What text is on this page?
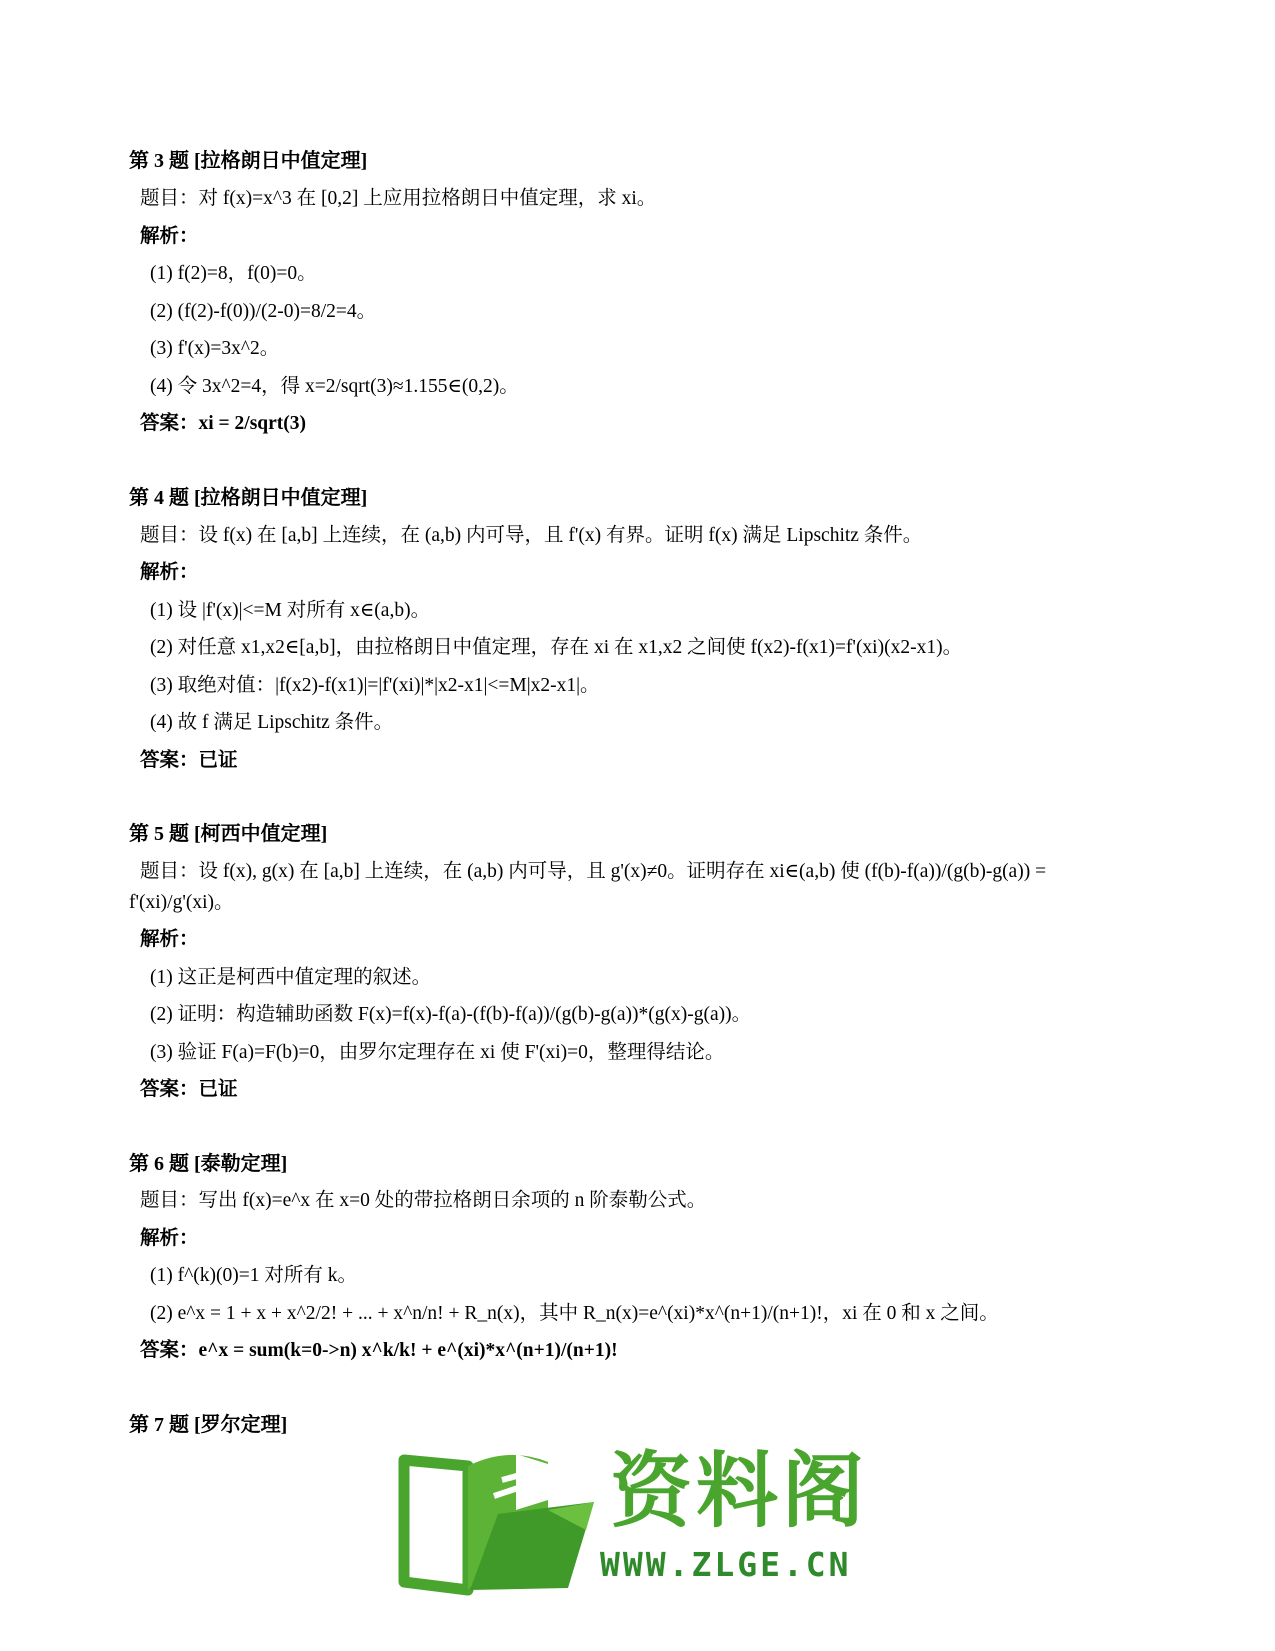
第 3 题 [拉格朗日中值定理]
题目：对 f(x)=x^3 在 [0,2] 上应用拉格朗日中值定理，求 xi。
解析：
(1) f(2)=8，f(0)=0。
(2) (f(2)-f(0))/(2-0)=8/2=4。
(3) f'(x)=3x^2。
(4) 令 3x^2=4，得 x=2/sqrt(3)≈1.155∈(0,2)。
答案：xi = 2/sqrt(3)
第 4 题 [拉格朗日中值定理]
题目：设 f(x) 在 [a,b] 上连续，在 (a,b) 内可导，且 f'(x) 有界。证明 f(x) 满足 Lipschitz 条件。
解析：
(1) 设 |f'(x)|<=M 对所有 x∈(a,b)。
(2) 对任意 x1,x2∈[a,b]，由拉格朗日中值定理，存在 xi 在 x1,x2 之间使 f(x2)-f(x1)=f'(xi)(x2-x1)。
(3) 取绝对值：|f(x2)-f(x1)|=|f'(xi)|*|x2-x1|<=M|x2-x1|。
(4) 故 f 满足 Lipschitz 条件。
答案：已证
第 5 题 [柯西中值定理]
题目：设 f(x), g(x) 在 [a,b] 上连续，在 (a,b) 内可导，且 g'(x)≠0。证明存在 xi∈(a,b) 使 (f(b)-f(a))/(g(b)-g(a)) =
f'(xi)/g'(xi)。
解析：
(1) 这正是柯西中值定理的叙述。
(2) 证明：构造辅助函数 F(x)=f(x)-f(a)-(f(b)-f(a))/(g(b)-g(a))*(g(x)-g(a))。
(3) 验证 F(a)=F(b)=0，由罗尔定理存在 xi 使 F'(xi)=0，整理得结论。
答案：已证
第 6 题 [泰勒定理]
题目：写出 f(x)=e^x 在 x=0 处的带拉格朗日余项的 n 阶泰勒公式。
解析：
(1) f^(k)(0)=1 对所有 k。
(2) e^x = 1 + x + x^2/2! + ... + x^n/n! + R_n(x)，其中 R_n(x)=e^(xi)*x^(n+1)/(n+1)!，xi 在 0 和 x 之间。
答案：e^x = sum(k=0->n) x^k/k! + e^(xi)*x^(n+1)/(n+1)!
第 7 题 [罗尔定理]
资料阁
WWW.ZLGE.CN
